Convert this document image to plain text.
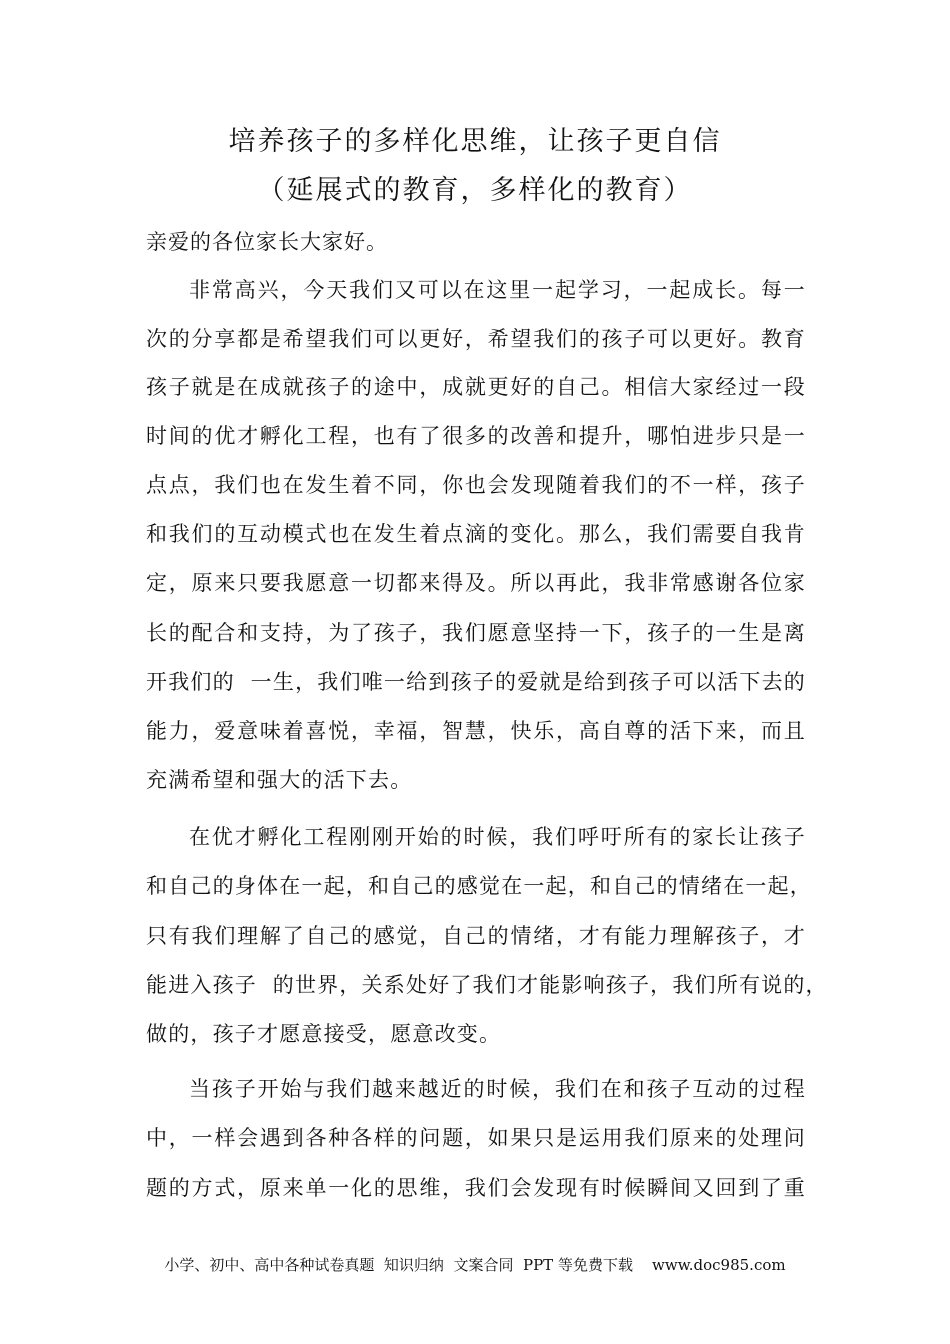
培养孩子的多样化思维，让孩子更自信
（延展式的教育，多样化的教育）
亲爱的各位家长大家好。
非常高兴，今天我们又可以在这里一起学习，一起成长。每一
次的分享都是希望我们可以更好，希望我们的孩子可以更好。教育
孩子就是在成就孩子的途中，成就更好的自己。相信大家经过一段
时间的优才孵化工程，也有了很多的改善和提升，哪怕进步只是一
点点，我们也在发生着不同，你也会发现随着我们的不一样，孩子
和我们的互动模式也在发生着点滴的变化。那么，我们需要自我肯
定，原来只要我愿意一切都来得及。所以再此，我非常感谢各位家
长的配合和支持，为了孩子，我们愿意坚持一下，孩子的一生是离
开我们的  一生，我们唯一给到孩子的爱就是给到孩子可以活下去的
能力，爱意味着喜悦，幸福，智慧，快乐，高自尊的活下来，而且
充满希望和强大的活下去。
在优才孵化工程刚刚开始的时候，我们呼吁所有的家长让孩子
和自己的身体在一起，和自己的感觉在一起，和自己的情绪在一起，
只有我们理解了自己的感觉，自己的情绪，才有能力理解孩子，才
能进入孩子  的世界，关系处好了我们才能影响孩子，我们所有说的，
做的，孩子才愿意接受，愿意改变。
当孩子开始与我们越来越近的时候，我们在和孩子互动的过程
中，一样会遇到各种各样的问题，如果只是运用我们原来的处理问
题的方式，原来单一化的思维，我们会发现有时候瞬间又回到了重
小学、初中、高中各种试卷真题  知识归纳  文案合同  PPT 等免费下载    www.doc985.com
